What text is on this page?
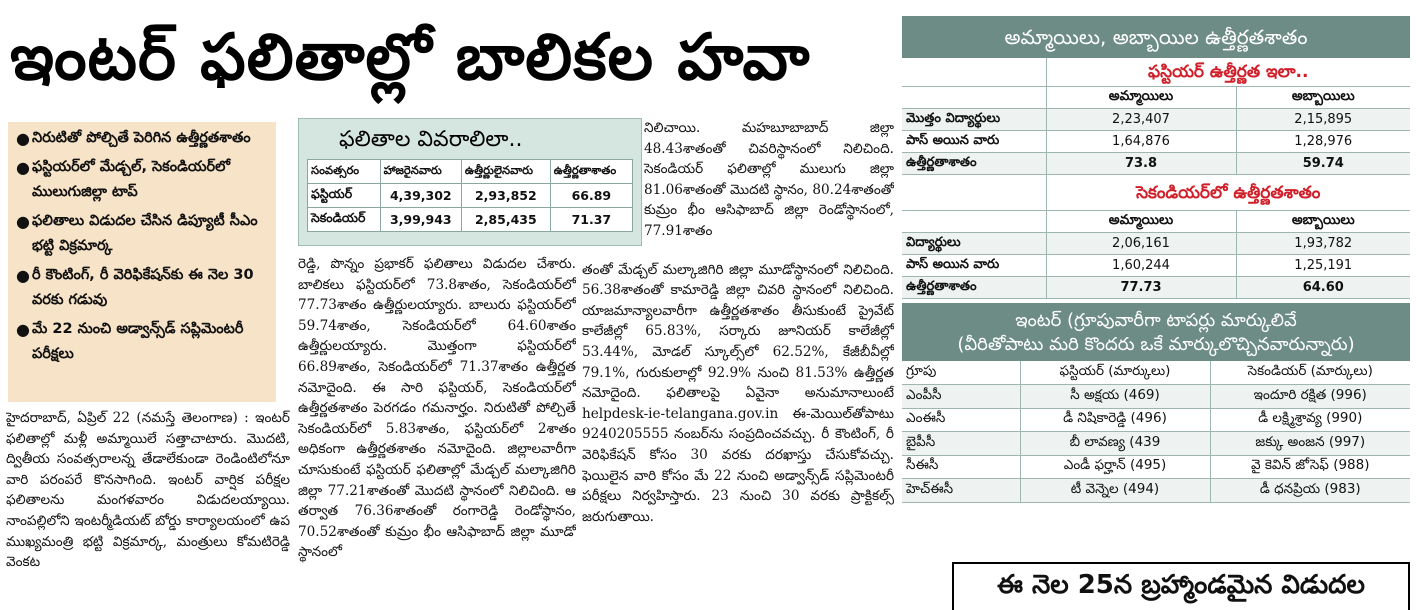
ఇంటర్ ఫలితాల్లో బాలికల హవా
● నిరుటితో పోల్చితే పెరిగిన ఉత్తీర్ణతశాతం
● ఫస్టియర్‌లో మేడ్చల్, సెకండియర్‌లో ములుగుజిల్లా టాప్
● ఫలితాలు విడుదల చేసిన డిప్యూటీ సీఎం భట్టి విక్రమార్క
● రీ కౌంటింగ్, రీ వెరిఫికేషన్‌కు ఈ నెల 30 వరకు గడువు
● మే 22 నుంచి అడ్వాన్స్‌డ్ సప్లిమెంటరీ పరీక్షలు
హైదరాబాద్, ఏప్రిల్ 22 (నమస్తే తెలంగాణ) : ఇంటర్ ఫలితాల్లో మళ్లీ అమ్మాయిలే సత్తాచాటారు. మొదటి, ద్వితీయ సంవత్సరాలన్న తేడాలేకుండా రెండింటిలోనూ వారి పరంపరే కొనసాగింది. ఇంటర్ వార్షిక పరీక్షల ఫలితాలను మంగళవారం విడుదలయ్యాయి. నాంపల్లిలోని ఇంటర్మీడియట్ బోర్డు కార్యాలయంలో ఉప ముఖ్యమంత్రి భట్టి విక్రమార్క, మంత్రులు కోమటిరెడ్డి వెంకట
ఫలితాల వివరాలిలా..
సంవత్సరం	హాజరైనవారు	ఉత్తీర్ణులైనవారు	ఉత్తీర్ణతాశాతం
ఫస్టియర్	4,39,302	2,93,852	66.89
సెకండియర్	3,99,943	2,85,435	71.37
రెడ్డి, పొన్నం ప్రభాకర్ ఫలితాలు విడుదల చేశారు. బాలికలు ఫస్టియర్‌లో 73.8శాతం, సెకండియర్‌లో 77.73శాతం ఉత్తీర్ణులయ్యారు. బాలురు ఫస్టియర్‌లో 59.74శాతం, సెకండియర్‌లో 64.60శాతం ఉత్తీర్ణులయ్యారు. మొత్తంగా ఫస్టియర్‌లో 66.89శాతం, సెకండియర్‌లో 71.37శాతం ఉత్తీర్ణత నమోదైంది. ఈ సారి ఫస్టియర్, సెకండియర్‌లో ఉత్తీర్ణతశాతం పెరగడం గమనార్హం. నిరుటితో పోల్చితే సెకండియర్‌లో 5.83శాతం, ఫస్టియర్‌లో 2శాతం అధికంగా ఉత్తీర్ణతశాతం నమోదైంది. జిల్లాలవారీగా చూసుకుంటే ఫస్టియర్ ఫలితాల్లో మేడ్చల్ మల్కాజిగిరి జిల్లా 77.21శాతంతో మొదటి స్థానంలో నిలిచింది. ఆ తర్వాత 76.36శాతంతో రంగారెడ్డి రెండోస్థానం, 70.52శాతంతో కుమ్రం భీం ఆసిఫాబాద్ జిల్లా మూడో స్థానంలో
నిలిచాయి. మహబూబాబాద్ జిల్లా 48.43శాతంతో చివరిస్థానంలో నిలిచింది. సెకండియర్ ఫలితాల్లో ములుగు జిల్లా 81.06శాతంతో మొదటి స్థానం, 80.24శాతంతో కుమ్రం భీం ఆసిఫాబాద్ జిల్లా రెండోస్థానంలో, 77.91శాతం
తంతో మేడ్చల్ మల్కాజిగిరి జిల్లా మూడోస్థానంలో నిలిచింది. 56.38శాతంతో కామారెడ్డి జిల్లా చివరి స్థానంలో నిలిచింది. యాజమాన్యాలవారీగా ఉత్తీర్ణతశాతం తీసుకుంటే ప్రైవేట్ కాలేజీల్లో 65.83%, సర్కారు జూనియర్ కాలేజీల్లో 53.44%, మోడల్ స్కూల్స్‌లో 62.52%, కేజీబీవీల్లో 79.1%, గురుకులాల్లో 92.9% నుంచి 81.53% ఉత్తీర్ణత నమోదైంది. ఫలితాలపై ఏవైనా అనుమానాలుంటే helpdesk-ie-telangana.gov.in ఈ-మెయిల్‌తోపాటు 9240205555 నంబర్‌ను సంప్రదించవచ్చు. రీ కౌంటింగ్, రీ వెరిఫికేషన్ కోసం 30 వరకు దరఖాస్తు చేసుకోవచ్చు. ఫెయిలైన వారి కోసం మే 22 నుంచి అడ్వాన్స్‌డ్ సప్లిమెంటరీ పరీక్షలు నిర్వహిస్తారు. 23 నుంచి 30 వరకు ప్రాక్టికల్స్ జరుగుతాయి.
అమ్మాయిలు, అబ్బాయిల ఉత్తీర్ణతశాతం
	ఫస్టియర్ ఉత్తీర్ణత ఇలా..	
	అమ్మాయిలు	అబ్బాయిలు
మొత్తం విద్యార్థులు	2,23,407	2,15,895
పాస్ అయిన వారు	1,64,876	1,28,976
ఉత్తీర్ణతాశాతం	73.8	59.74
	సెకండియర్‌లో ఉత్తీర్ణతశాతం	
	అమ్మాయిలు	అబ్బాయిలు
విద్యార్థులు	2,06,161	1,93,782
పాస్ అయిన వారు	1,60,244	1,25,191
ఉత్తీర్ణతాశాతం	77.73	64.60
ఇంటర్ (గ్రూపువారీగా టాపర్లు మార్కులివే
(వీరితోపాటు మరి కొందరు ఒకే మార్కులొచ్చినవారున్నారు)
గ్రూపు	ఫస్టియర్ (మార్కులు)	సెకండియర్ (మార్కులు)
ఎంపీసీ	సీ అక్షయ (469)	ఇందూరి రక్షిత (996)
ఎంఈసీ	డీ నిషికారెడ్డి (496)	డీ లక్ష్మిశ్రావ్య (990)
బైపీసీ	బీ లావణ్య (439	జక్కు అంజన (997)
సీఈసీ	ఎండీ ఫర్హాన్ (495)	వై కెవిన్ జోసెఫ్ (988)
హెచ్ఈసీ	టీ వెన్నెల (494)	డీ ధనప్రియ (983)
ఈ నెల 25న బ్రహ్మాండమైన విడుదల
